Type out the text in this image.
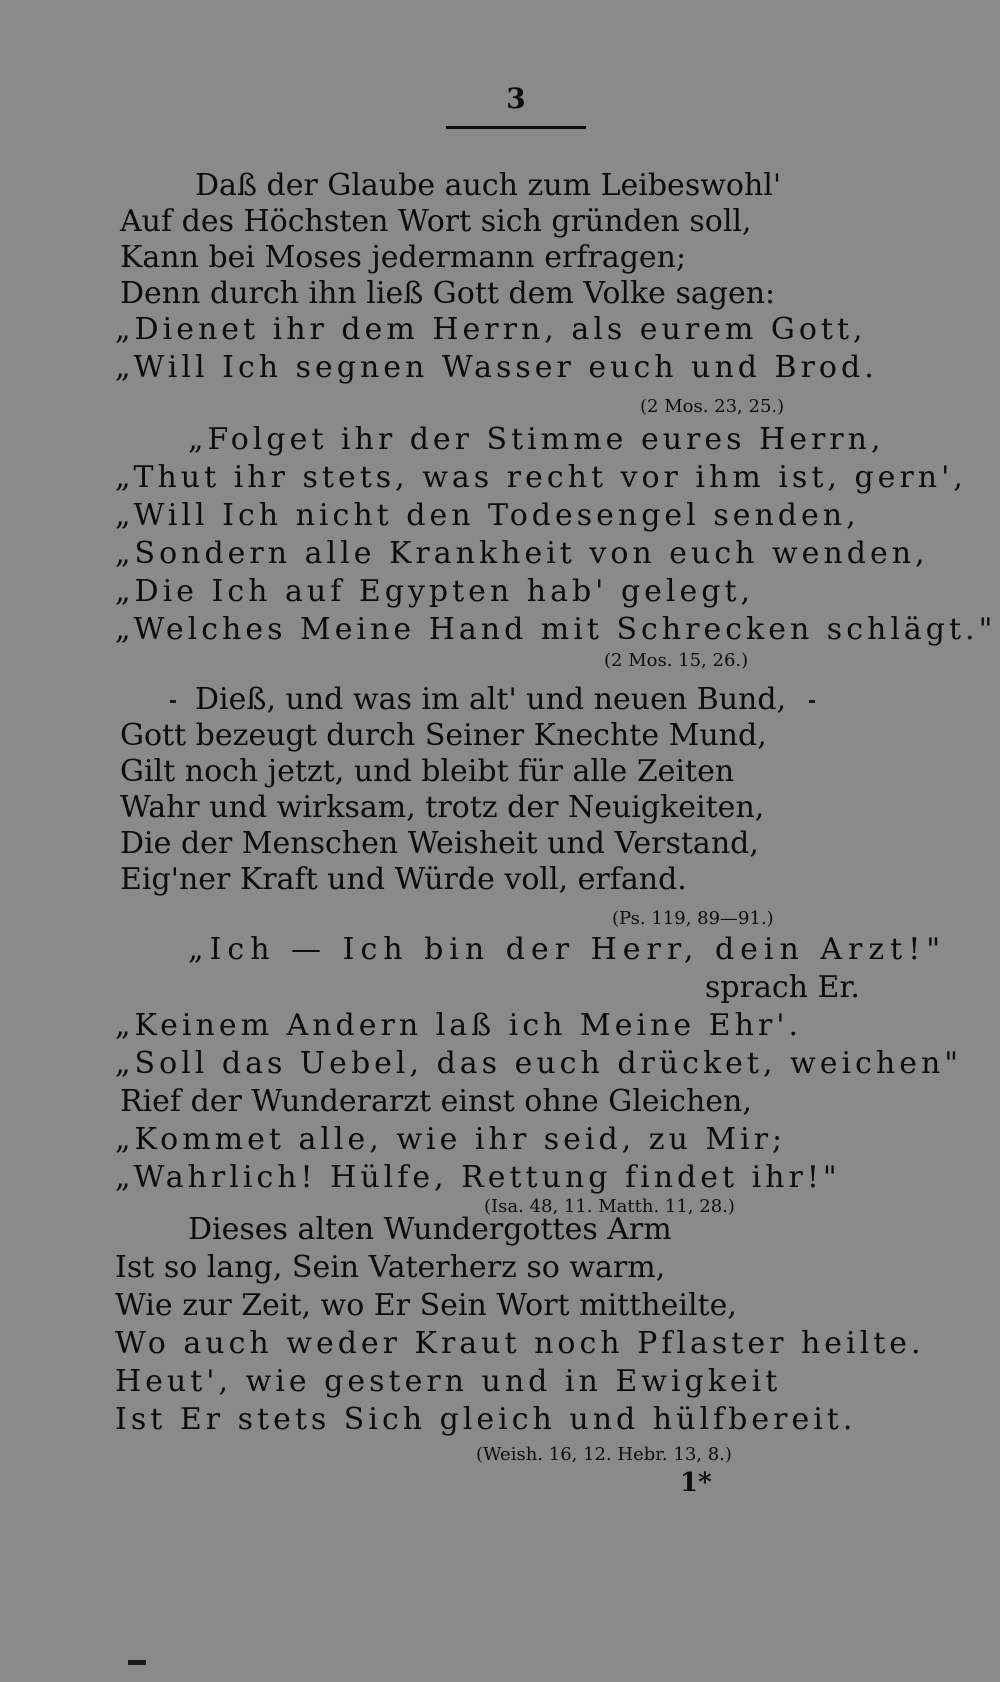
3
Daß der Glaube auch zum Leibeswohl'
Auf des Höchsten Wort sich gründen soll,
Kann bei Moses jedermann erfragen;
Denn durch ihn ließ Gott dem Volke sagen:
„Dienet ihr dem Herrn, als eurem Gott,
„Will Ich segnen Wasser euch und Brod.
(2 Mos. 23, 25.)
„Folget ihr der Stimme eures Herrn,
„Thut ihr stets, was recht vor ihm ist, gern',
„Will Ich nicht den Todesengel senden,
„Sondern alle Krankheit von euch wenden,
„Die Ich auf Egypten hab' gelegt,
„Welches Meine Hand mit Schrecken schlägt."
(2 Mos. 15, 26.)
Dieß, und was im alt' und neuen Bund,
Gott bezeugt durch Seiner Knechte Mund,
Gilt noch jetzt, und bleibt für alle Zeiten
Wahr und wirksam, trotz der Neuigkeiten,
Die der Menschen Weisheit und Verstand,
Eig'ner Kraft und Würde voll, erfand.
(Ps. 119, 89—91.)
„Ich — Ich bin der Herr, dein Arzt!"
sprach Er.
„Keinem Andern laß ich Meine Ehr'.
„Soll das Uebel, das euch drücket, weichen"
Rief der Wunderarzt einst ohne Gleichen,
„Kommet alle, wie ihr seid, zu Mir;
„Wahrlich! Hülfe, Rettung findet ihr!"
(Isa. 48, 11. Matth. 11, 28.)
Dieses alten Wundergottes Arm
Ist so lang, Sein Vaterherz so warm,
Wie zur Zeit, wo Er Sein Wort mittheilte,
Wo auch weder Kraut noch Pflaster heilte.
Heut', wie gestern und in Ewigkeit
Ist Er stets Sich gleich und hülfbereit.
(Weish. 16, 12. Hebr. 13, 8.)
1*
